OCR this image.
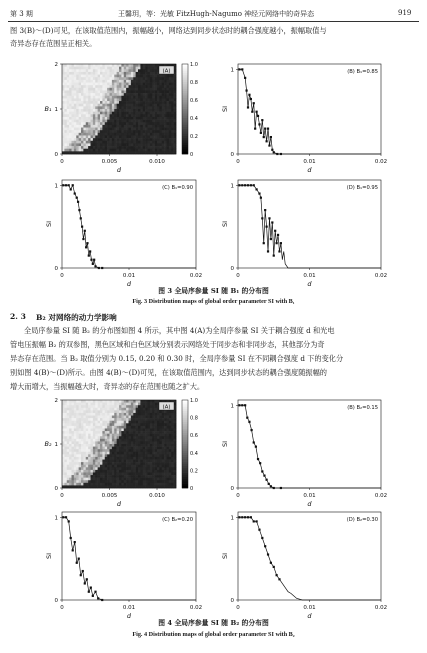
第 3 期	王馨玥，等：光敏 FitzHugh-Nagumo 神经元网络中的奇异态	919
图 3(B)～(D)可见，在该取值范围内，振幅越小，网络达到同步状态时的耦合强度越小，振幅取值与
奇异态存在范围呈正相关。
(A)
0
1
2
0	0.005	0.010
d
B₁
0
0.2
0.4
0.6
0.8
1.0
(B) B₁=0.85
0
1
0	0.01	0.02
d
SI
(C) B₁=0.90
0
1
0	0.01	0.02
d
SI
(D) B₁=0.95
0
1
0	0.01	0.02
d
SI
(A)
0
1
2
0	0.005	0.010
d
B₂
0
0.2
0.4
0.6
0.8
1.0
(B) B₂=0.15
0
1
0	0.01	0.02
d
SI
(C) B₂=0.20
0
1
0	0.01	0.02
d
SI
(D) B₂=0.30
0
1
0	0.01	0.02
d
SI
图 3 全局序参量 SI 随 B₁ 的分布图
Fig. 3 Distribution maps of global order parameter SI with B₁
2. 3 B₂ 对网络的动力学影响
全局序参量 SI 随 B₂ 的分布图如图 4 所示，其中图 4(A)为全局序参量 SI 关于耦合强度 d 和光电
管电压振幅 B₂ 的双参图，黑色区域和白色区域分别表示网络处于同步态和非同步态，其他部分为奇
异态存在范围。当 B₂ 取值分别为 0.15, 0.20 和 0.30 时，全局序参量 SI 在不同耦合强度 d 下的变化分
别如图 4(B)～(D)所示。由图 4(B)～(D)可见，在该取值范围内，达到同步状态的耦合强度随振幅的
增大而增大，当振幅越大时，奇异态的存在范围也随之扩大。
图 4 全局序参量 SI 随 B₂ 的分布图
Fig. 4 Distribution maps of global order parameter SI with B₂
